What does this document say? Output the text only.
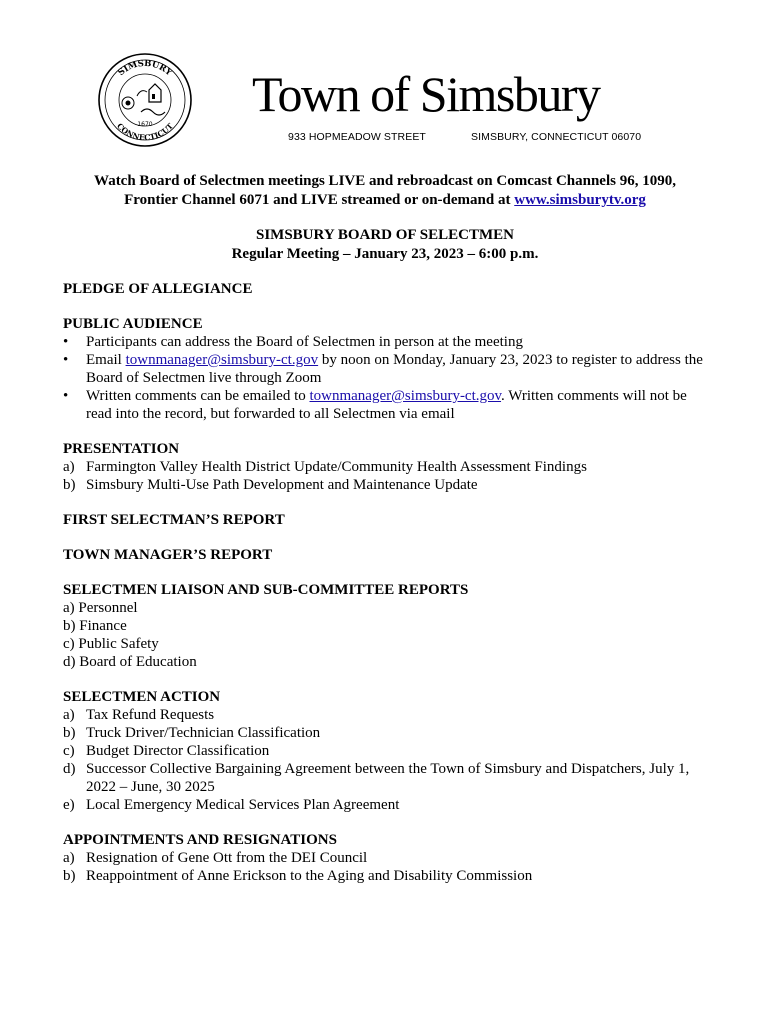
SIMSBURY
CONNECTICUT
1670
Town of Simsbury
933 HOPMEADOW STREET	SIMSBURY, CONNECTICUT 06070
Watch Board of Selectmen meetings LIVE and rebroadcast on Comcast Channels 96, 1090,
Frontier Channel 6071 and LIVE streamed or on-demand at www.simsburytv.org
SIMSBURY BOARD OF SELECTMEN
Regular Meeting – January 23, 2023 – 6:00 p.m.

PLEDGE OF ALLEGIANCE

PUBLIC AUDIENCE

• Participants can address the Board of Selectmen in person at the meeting
• Email townmanager@simsbury-ct.gov by noon on Monday, January 23, 2023 to register to address the Board of Selectmen live through Zoom
• Written comments can be emailed to townmanager@simsbury-ct.gov. Written comments will not be read into the record, but forwarded to all Selectmen via email

PRESENTATION

a) Farmington Valley Health District Update/Community Health Assessment Findings
b) Simsbury Multi-Use Path Development and Maintenance Update

FIRST SELECTMAN’S REPORT

TOWN MANAGER’S REPORT

SELECTMEN LIAISON AND SUB-COMMITTEE REPORTS

a) Personnel
b) Finance
c) Public Safety
d) Board of Education

SELECTMEN ACTION

a) Tax Refund Requests
b) Truck Driver/Technician Classification
c) Budget Director Classification
d) Successor Collective Bargaining Agreement between the Town of Simsbury and Dispatchers, July 1, 2022 – June, 30 2025
e) Local Emergency Medical Services Plan Agreement

APPOINTMENTS AND RESIGNATIONS

a) Resignation of Gene Ott from the DEI Council
b) Reappointment of Anne Erickson to the Aging and Disability Commission
